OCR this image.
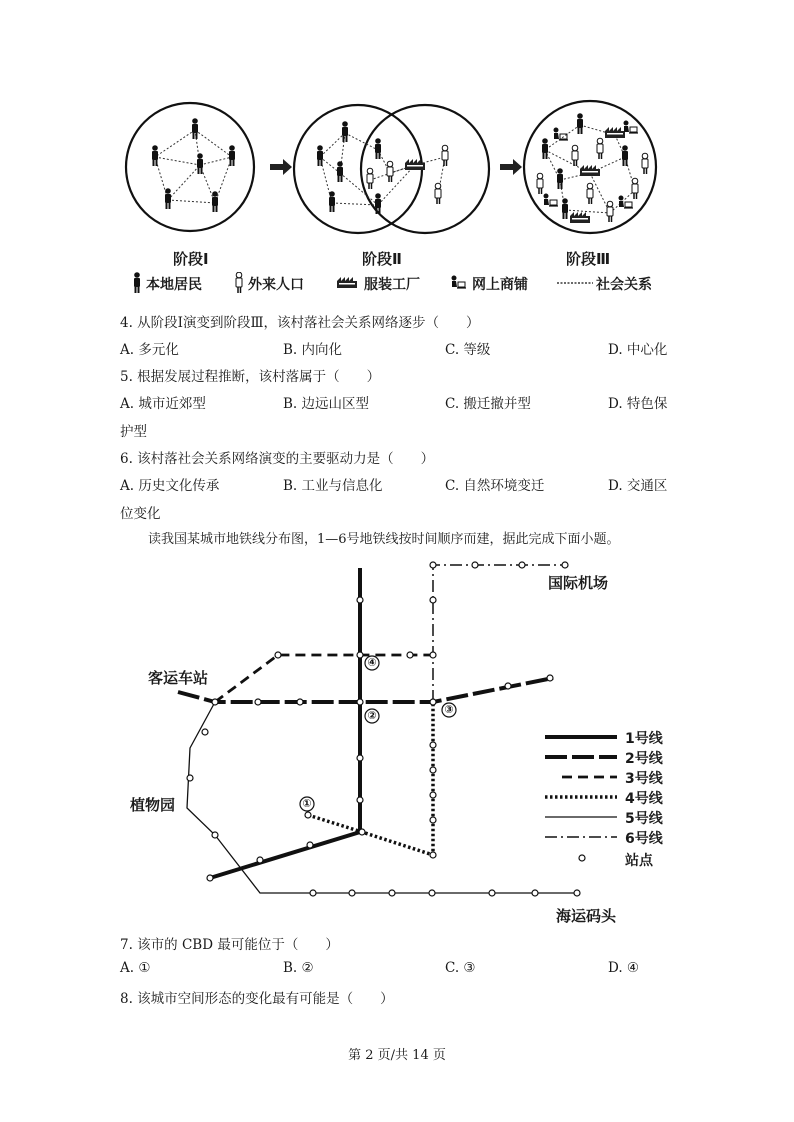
阶段Ⅰ	阶段Ⅱ	阶段Ⅲ
本地居民	外来人口	服装工厂	网上商铺	社会关系
4. 从阶段Ⅰ演变到阶段Ⅲ，该村落社会关系网络逐步（　　）
A. 多元化	B. 内向化	C. 等级	D. 中心化
5. 根据发展过程推断，该村落属于（　　）
A. 城市近郊型	B. 边远山区型	C. 搬迁撤并型	D. 特色保
护型
6. 该村落社会关系网络演变的主要驱动力是（　　）
A. 历史文化传承	B. 工业与信息化	C. 自然环境变迁	D. 交通区
位变化
读我国某城市地铁线分布图，1—6号地铁线按时间顺序而建，据此完成下面小题。
①
②	③
④
国际机场
客运车站
植物园
海运码头
1号线
2号线
3号线
4号线
5号线
6号线
站点
7. 该市的 CBD 最可能位于（　　）
A. ①	B. ②	C. ③	D. ④
8. 该城市空间形态的变化最有可能是（　　）
第 2 页/共 14 页
